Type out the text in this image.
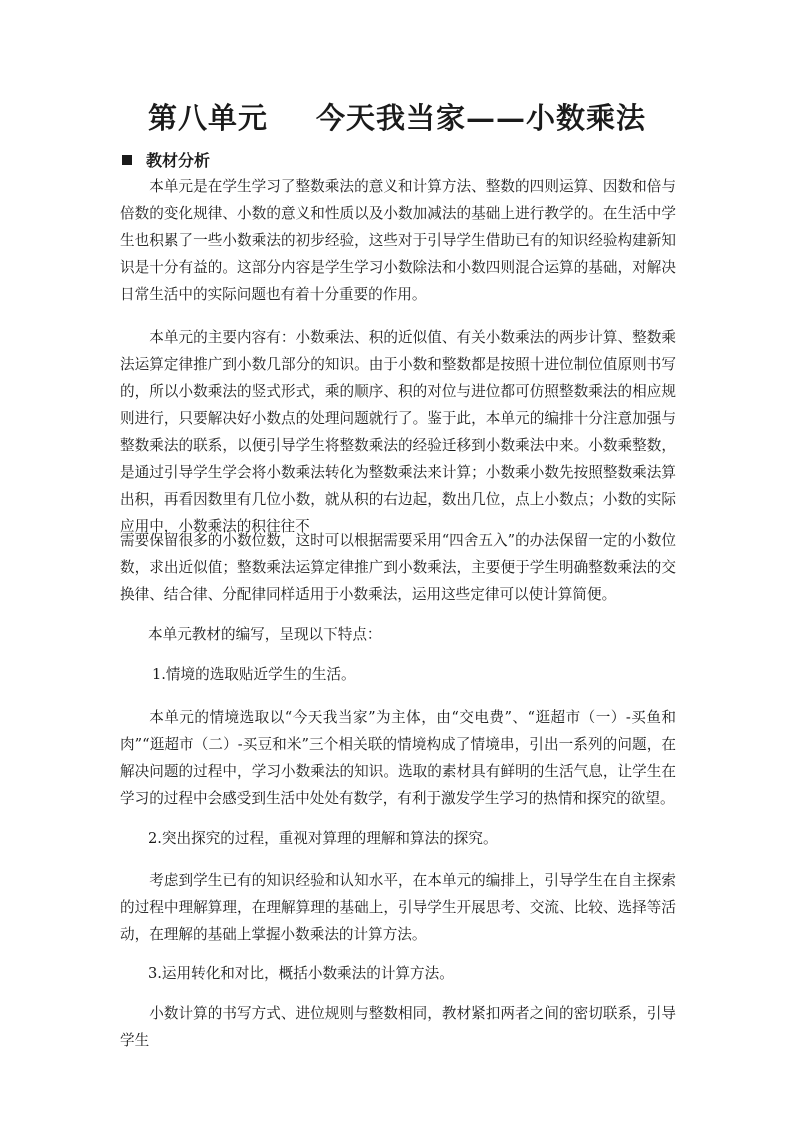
第八单元 今天我当家——小数乘法
教材分析

本单元是在学生学习了整数乘法的意义和计算方法、整数的四则运算、因数和倍与倍数的变化规律、小数的意义和性质以及小数加减法的基础上进行教学的。在生活中学生也积累了一些小数乘法的初步经验，这些对于引导学生借助已有的知识经验构建新知识是十分有益的。这部分内容是学生学习小数除法和小数四则混合运算的基础，对解决日常生活中的实际问题也有着十分重要的作用。

本单元的主要内容有：小数乘法、积的近似值、有关小数乘法的两步计算、整数乘法运算定律推广到小数几部分的知识。由于小数和整数都是按照十进位制位值原则书写的，所以小数乘法的竖式形式，乘的顺序、积的对位与进位都可仿照整数乘法的相应规则进行，只要解决好小数点的处理问题就行了。鉴于此，本单元的编排十分注意加强与整数乘法的联系，以便引导学生将整数乘法的经验迁移到小数乘法中来。小数乘整数，是通过引导学生学会将小数乘法转化为整数乘法来计算；小数乘小数先按照整数乘法算出积，再看因数里有几位小数，就从积的右边起，数出几位，点上小数点；小数的实际应用中，小数乘法的积往往不

需要保留很多的小数位数，这时可以根据需要采用“四舍五入”的办法保留一定的小数位数，求出近似值；整数乘法运算定律推广到小数乘法，主要便于学生明确整数乘法的交换律、结合律、分配律同样适用于小数乘法，运用这些定律可以使计算简便。

本单元教材的编写，呈现以下特点：

1.情境的选取贴近学生的生活。

本单元的情境选取以“今天我当家”为主体，由“交电费”、“逛超市（一）-买鱼和肉”“逛超市（二）-买豆和米”三个相关联的情境构成了情境串，引出一系列的问题，在解决问题的过程中，学习小数乘法的知识。选取的素材具有鲜明的生活气息，让学生在学习的过程中会感受到生活中处处有数学，有利于激发学生学习的热情和探究的欲望。

2.突出探究的过程，重视对算理的理解和算法的探究。

考虑到学生已有的知识经验和认知水平，在本单元的编排上，引导学生在自主探索的过程中理解算理，在理解算理的基础上，引导学生开展思考、交流、比较、选择等活动，在理解的基础上掌握小数乘法的计算方法。

3.运用转化和对比，概括小数乘法的计算方法。

小数计算的书写方式、进位规则与整数相同，教材紧扣两者之间的密切联系，引导学生
